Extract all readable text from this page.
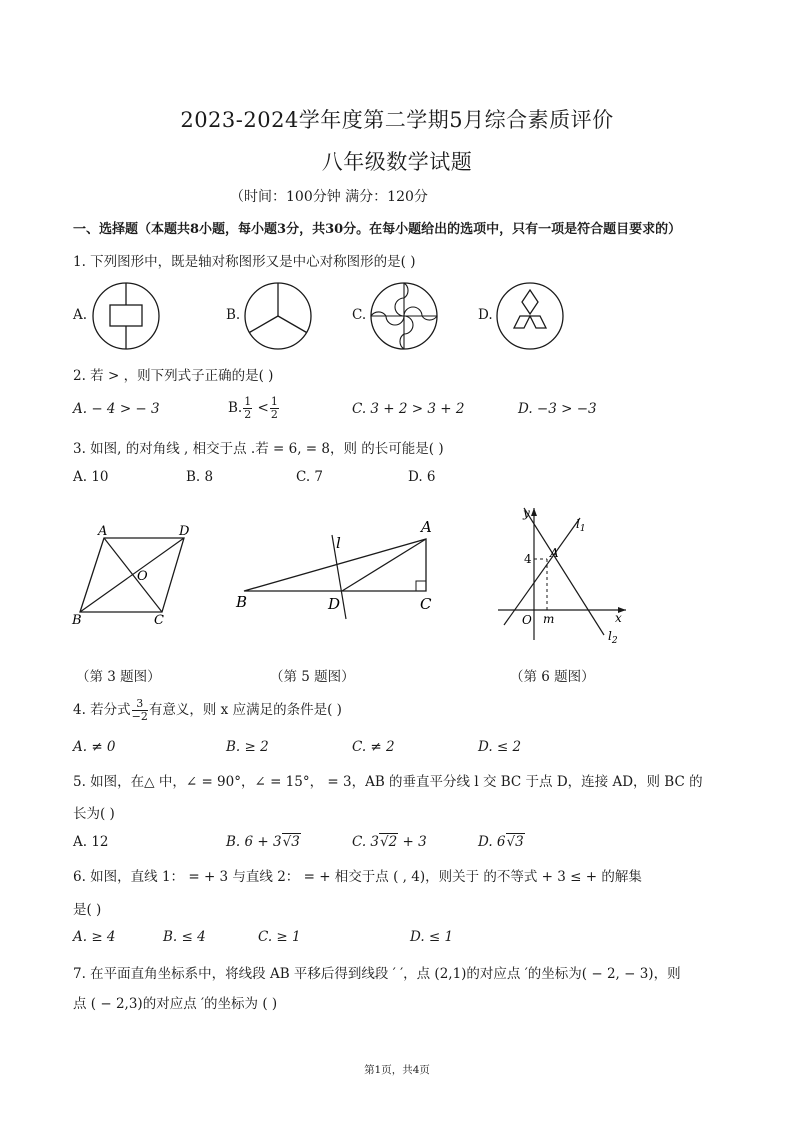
2023-2024学年度第二学期5月综合素质评价
八年级数学试题
（时间：100分钟 满分：120分
一、选择题（本题共8小题，每小题3分，共30分。在每小题给出的选项中，只有一项是符合题目要求的）
1. 下列图形中，既是轴对称图形又是中心对称图形的是( )
A.	B.	C.	D.
2. 若 > ，则下列式子正确的是( )
A. − 4 > − 3	B. $\frac{1}{2} < \frac{1}{2}$	C. 3 + 2 > 3 + 2	D. −3 > −3
3. 如图, 的对角线 , 相交于点 .若 = 6, = 8，则 的长可能是( )
A. 10	B. 8	C. 7	D. 6
A	D
O
B	C
（第 3 题图）
A
B	C
D
l
（第 5 题图）
y
x
O
A
m
4
$l_1$
$l_2$
（第 6 题图）
4. 若分式 $\frac{3}{-2}$ 有意义，则 x 应满足的条件是( )
A. ≠ 0	B. ≥ 2	C. ≠ 2	D. ≤ 2
5. 如图，在△ 中，∠ = 90°，∠ = 15°， = 3，AB 的垂直平分线 l 交 BC 于点 D，连接 AD，则 BC 的
长为( )
A. 12	B. 6 + 3√3	C. 3√2 + 3	D. 6√3
6. 如图，直线 1： = + 3 与直线 2： = + 相交于点 ( , 4)，则关于 的不等式 + 3 ≤ + 的解集
是( )
A. ≥ 4	B. ≤ 4	C. ≥ 1	D. ≤ 1
7. 在平面直角坐标系中，将线段 AB 平移后得到线段 ′ ′，点 (2,1)的对应点 ′的坐标为( − 2, − 3)，则
点 ( − 2,3)的对应点 ′的坐标为 ( )
第1页，共4页
